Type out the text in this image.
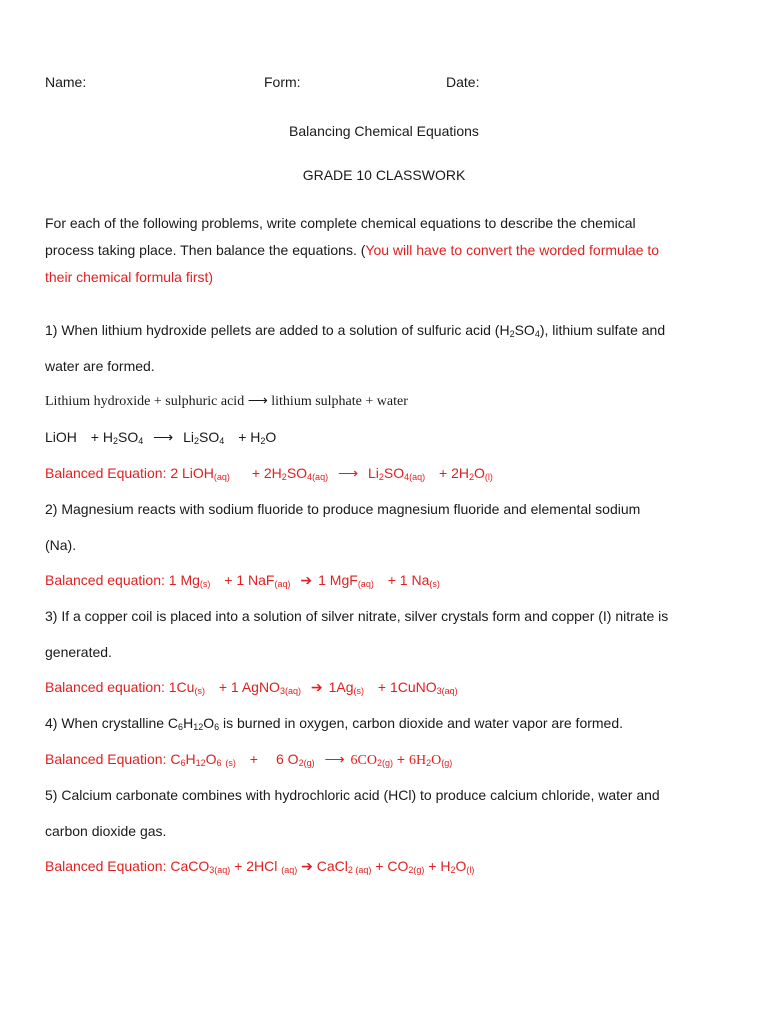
Name:	Form:	Date:
Balancing Chemical Equations
GRADE 10 CLASSWORK
For each of the following problems, write complete chemical equations to describe the chemical
process taking place. Then balance the equations. (You will have to convert the worded formulae to
their chemical formula first)
1) When lithium hydroxide pellets are added to a solution of sulfuric acid $(H_2SO_4)$, lithium sulfate and
water are formed.
Lithium hydroxide + sulphuric acid ⟶ lithium sulphate + water
LiOH + $H_2SO_4$ ⟶ $Li_2SO_4 + H_2O$
Balanced Equation: 2 LiOH$_{(aq)}$ + $2H_2SO_{4(aq)}$ ⟶ $Li_2SO_{4(aq)} + 2H_2O_{(l)}$
2) Magnesium reacts with sodium fluoride to produce magnesium fluoride and elemental sodium
(Na).
Balanced equation: 1 $Mg_{(s)} + 1$ NaF$_{(aq)}$ ➔ 1 MgF$_{(aq)}$ + 1 $Na_{(s)}$
3) If a copper coil is placed into a solution of silver nitrate, silver crystals form and copper (I) nitrate is
generated.
Balanced equation: $1Cu_{(s)} + 1$ AgNO$_{3(aq)}$ ➔ $1Ag_{(s)}$ + 1CuNO$_{3(aq)}$
4) When crystalline $C_6H_{12}O_6$ is burned in oxygen, carbon dioxide and water vapor are formed.
Balanced Equation: $C_6H_{12}O_6$ $_{(s)}$ + 6 $O_{2(g)}$ ⟶ $6CO_{2(g)} + 6H_2O_{(g)}$
5) Calcium carbonate combines with hydrochloric acid (HCl) to produce calcium chloride, water and
carbon dioxide gas.
Balanced Equation: CaCO$_{3(aq)}$ + 2HCl $_{(aq)}$ ➔ CaCl$_{2 (aq)}$ + $CO_{2(g)} + H_2O_{(l)}$
